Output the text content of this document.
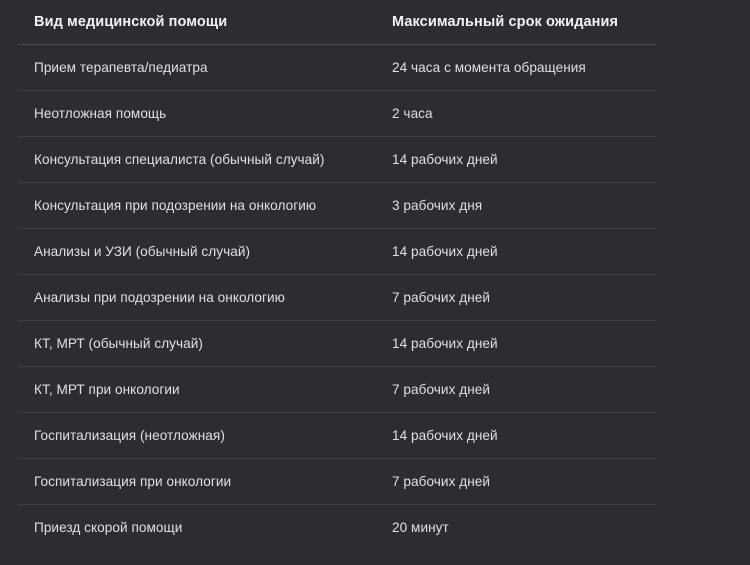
Вид медицинской помощи	Максимальный срок ожидания
Прием терапевта/педиатра	24 часа с момента обращения
Неотложная помощь	2 часа
Консультация специалиста (обычный случай)	14 рабочих дней
Консультация при подозрении на онкологию	3 рабочих дня
Анализы и УЗИ (обычный случай)	14 рабочих дней
Анализы при подозрении на онкологию	7 рабочих дней
КТ, МРТ (обычный случай)	14 рабочих дней
КТ, МРТ при онкологии	7 рабочих дней
Госпитализация (неотложная)	14 рабочих дней
Госпитализация при онкологии	7 рабочих дней
Приезд скорой помощи	20 минут
